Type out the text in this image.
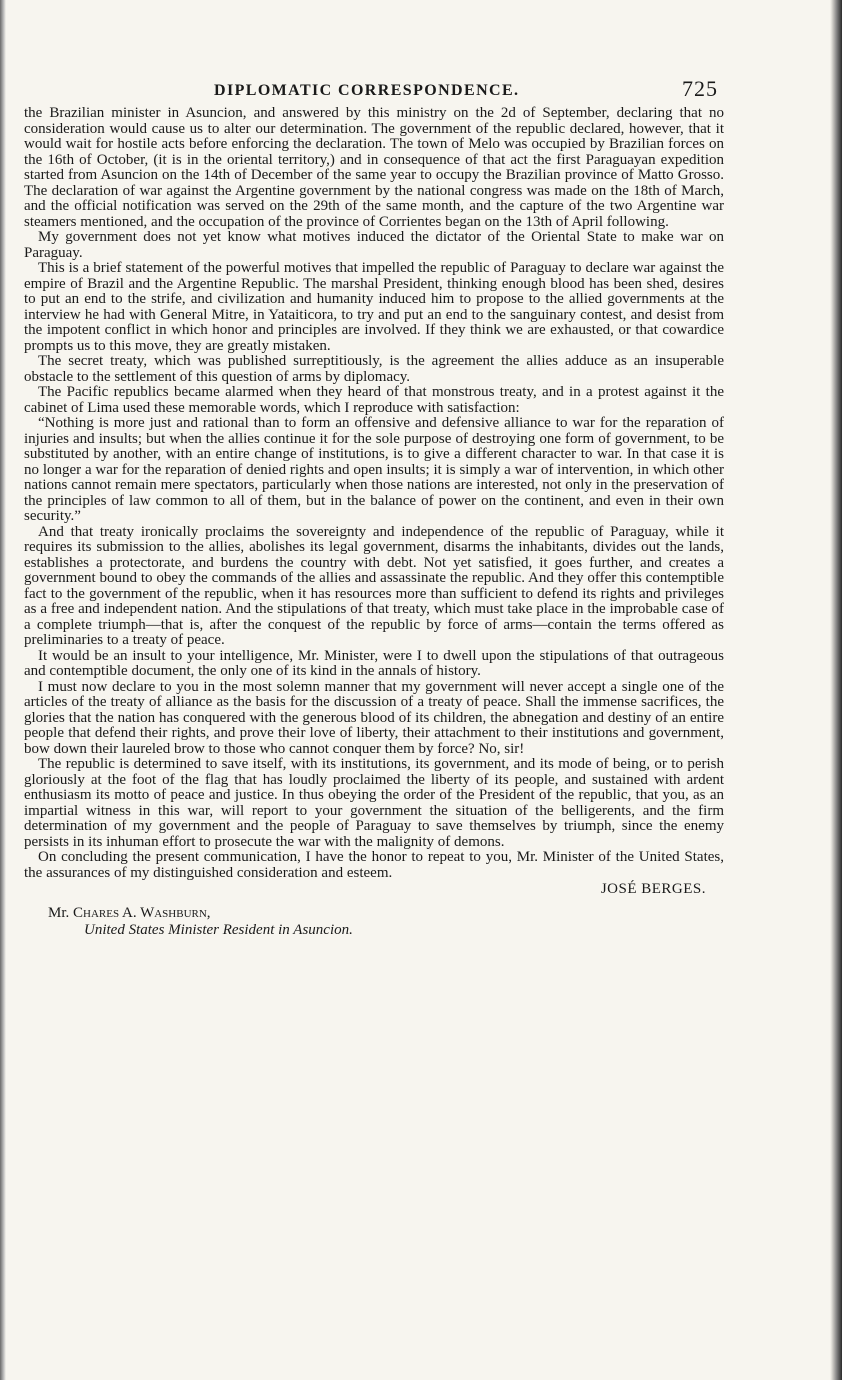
DIPLOMATIC CORRESPONDENCE.	725

the Brazilian minister in Asuncion, and answered by this ministry on the 2d of September, declaring that no consideration would cause us to alter our determination. The government of the republic declared, however, that it would wait for hostile acts before enforcing the declaration. The town of Melo was occupied by Brazilian forces on the 16th of October, (it is in the oriental territory,) and in consequence of that act the first Paraguayan expedition started from Asuncion on the 14th of December of the same year to occupy the Brazilian province of Matto Grosso. The declaration of war against the Argentine government by the national congress was made on the 18th of March, and the official notification was served on the 29th of the same month, and the capture of the two Argentine war steamers mentioned, and the occupation of the province of Corrientes began on the 13th of April following.

My government does not yet know what motives induced the dictator of the Oriental State to make war on Paraguay.

This is a brief statement of the powerful motives that impelled the republic of Paraguay to declare war against the empire of Brazil and the Argentine Republic. The marshal President, thinking enough blood has been shed, desires to put an end to the strife, and civilization and humanity induced him to propose to the allied governments at the interview he had with General Mitre, in Yataiticora, to try and put an end to the sanguinary contest, and desist from the impotent conflict in which honor and principles are involved. If they think we are exhausted, or that cowardice prompts us to this move, they are greatly mistaken.

The secret treaty, which was published surreptitiously, is the agreement the allies adduce as an insuperable obstacle to the settlement of this question of arms by diplomacy.

The Pacific republics became alarmed when they heard of that monstrous treaty, and in a protest against it the cabinet of Lima used these memorable words, which I reproduce with satisfaction:

“Nothing is more just and rational than to form an offensive and defensive alliance to war for the reparation of injuries and insults; but when the allies continue it for the sole purpose of destroying one form of government, to be substituted by another, with an entire change of institutions, is to give a different character to war. In that case it is no longer a war for the reparation of denied rights and open insults; it is simply a war of intervention, in which other nations cannot remain mere spectators, particularly when those nations are interested, not only in the preservation of the principles of law common to all of them, but in the balance of power on the continent, and even in their own security.”

And that treaty ironically proclaims the sovereignty and independence of the republic of Paraguay, while it requires its submission to the allies, abolishes its legal government, disarms the inhabitants, divides out the lands, establishes a protectorate, and burdens the country with debt. Not yet satisfied, it goes further, and creates a government bound to obey the commands of the allies and assassinate the republic. And they offer this contemptible fact to the government of the republic, when it has resources more than sufficient to defend its rights and privileges as a free and independent nation. And the stipulations of that treaty, which must take place in the improbable case of a complete triumph—that is, after the conquest of the republic by force of arms—contain the terms offered as preliminaries to a treaty of peace.

It would be an insult to your intelligence, Mr. Minister, were I to dwell upon the stipulations of that outrageous and contemptible document, the only one of its kind in the annals of history.

I must now declare to you in the most solemn manner that my government will never accept a single one of the articles of the treaty of alliance as the basis for the discussion of a treaty of peace. Shall the immense sacrifices, the glories that the nation has conquered with the generous blood of its children, the abnegation and destiny of an entire people that defend their rights, and prove their love of liberty, their attachment to their institutions and government, bow down their laureled brow to those who cannot conquer them by force? No, sir!

The republic is determined to save itself, with its institutions, its government, and its mode of being, or to perish gloriously at the foot of the flag that has loudly proclaimed the liberty of its people, and sustained with ardent enthusiasm its motto of peace and justice. In thus obeying the order of the President of the republic, that you, as an impartial witness in this war, will report to your government the situation of the belligerents, and the firm determination of my government and the people of Paraguay to save themselves by triumph, since the enemy persists in its inhuman effort to prosecute the war with the malignity of demons.

On concluding the present communication, I have the honor to repeat to you, Mr. Minister of the United States, the assurances of my distinguished consideration and esteem.

JOSÉ BERGES.
Mr. Chares A. Washburn,
United States Minister Resident in Asuncion.
